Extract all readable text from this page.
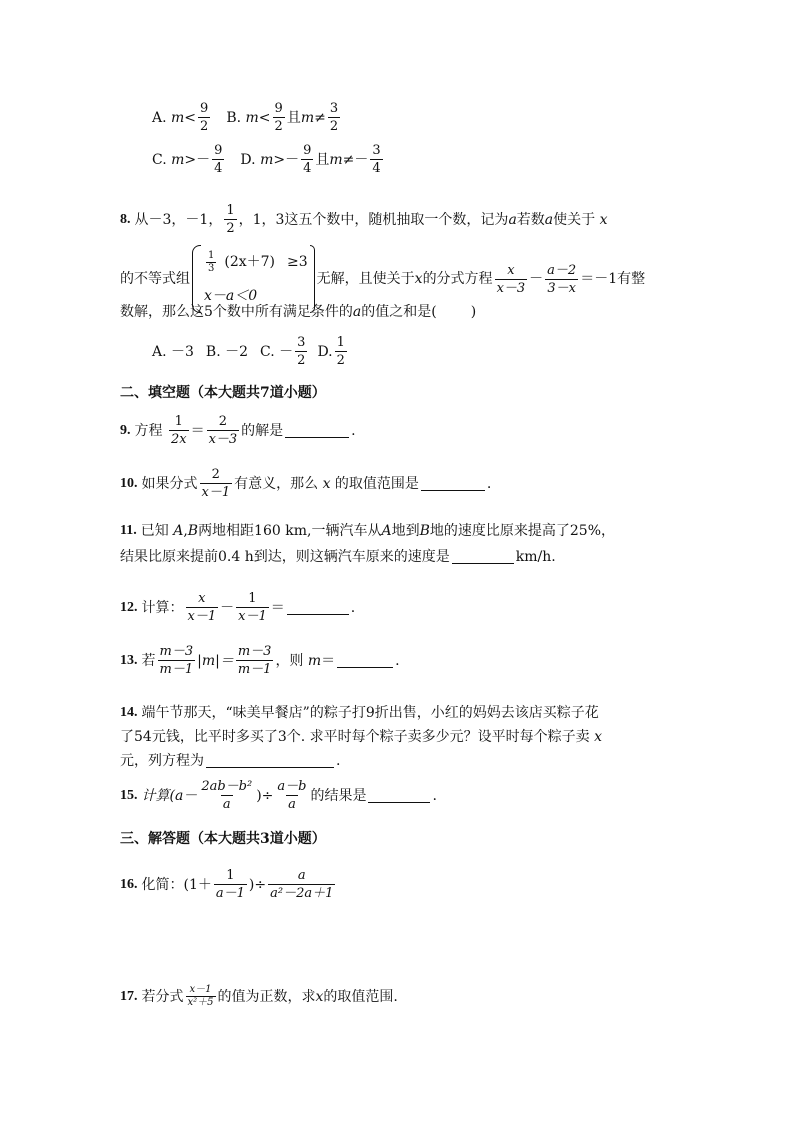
A.
$m < \frac{9}{2} B$.
$m < \frac{9}{2}$ 且 $m \ne \frac{3}{2}$
C.
$m >- \frac{9}{4} D$.
$m >- \frac{9}{4}$ 且 $m \ne- \frac{3}{4}$
8. 从－3，－1， $\frac{1}{2}$ ，1，3这五个数中，随机抽取一个数，记为 a 若数 a 使关于
x
的不等式组
$\frac{1}{3} (2x+7) \ge 3$
x－a＜0
无解，且使关于 x 的分式方程 $\frac{x}{x-3} - \frac{a-2}{3-x} =-1$ 有整
数解，那么这5个数中所有满足条件的 a 的值之和是( )
A. －3 B. －2 C. － $\frac{3}{2} D$. $\frac{1}{2}$
二、填空题（本大题共7道小题）
9. 方程
$\frac{1}{2x} = \frac{2}{x-3}$ 的解是	.
10. 如果分式 $\frac{2}{x-1}$ 有意义，那么
x
的取值范围是	.
11. 已知
A , B 两地相距160 km,一辆汽车从 A 地到 B 地的速度比原来提高了25%，
结果比原来提前0.4 h到达，则这辆汽车原来的速度是	km/h.
12. 计算： $\frac{x}{x-1} - \frac{1}{x-1}$ ＝	.
13. 若 $\frac{m-3}{m-1} |m|= \frac{m-3}{m-1}$ ，则
m ＝	.
14. 端午节那天，“味美早餐店”的粽子打9折出售，小红的妈妈去该店买粽子花
了54元钱，比平时多买了3个. 求平时每个粽子卖多少元？设平时每个粽子卖
x
元，列方程为	.
15. 计算($a- \frac{\text{2ab－b²}}{a}$ )÷ $\frac{a-b}{a}$ 的结果是	.
三、解答题（本大题共3道小题）
16. 化简：($1+ \frac{1}{a-1}$ )÷ $\frac{a}{\text{a²－2a＋1}}$
17. 若分式 $\frac{x-1}{\text{x²＋5}}$ 的值为正数，求 x 的取值范围.
